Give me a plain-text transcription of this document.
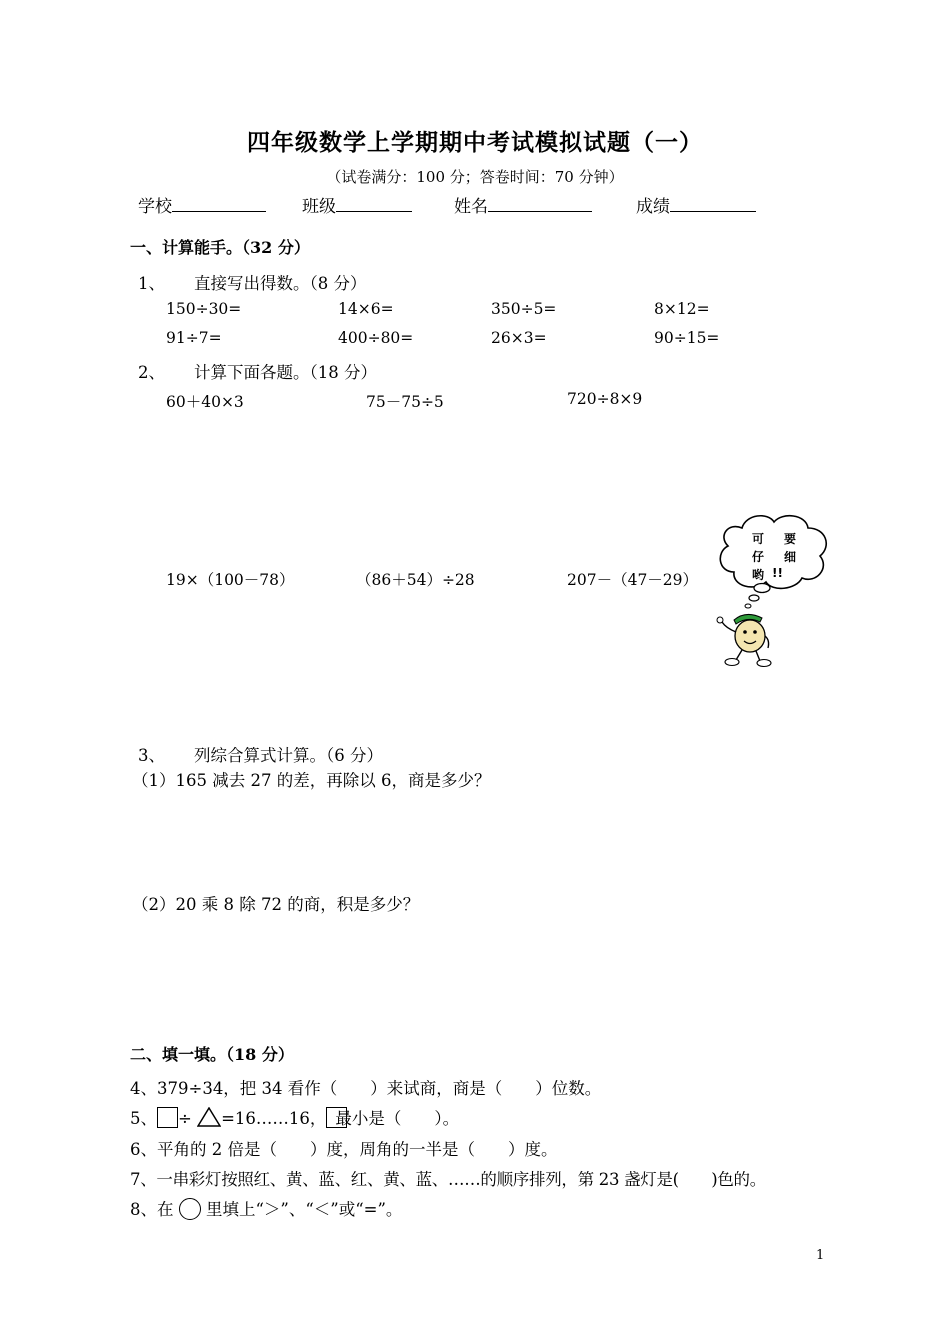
四年级数学上学期期中考试模拟试题（一）
（试卷满分：100 分；答卷时间：70 分钟）
学校	班级	姓名	成绩
一、计算能手。（32 分）
1、 直接写出得数。（8 分）
150÷30=	14×6=	350÷5=	8×12=
91÷7=	400÷80=	26×3=	90÷15=
2、 计算下面各题。（18 分）
60＋40×3	75－75÷5	720÷8×9
19×（100－78）	（86＋54）÷28	207－（47－29）
可 要
仔 细
哟 !!
3、 列综合算式计算。（6 分）
（1）165 减去 27 的差，再除以 6，商是多少？
（2）20 乘 8 除 72 的商，积是多少？
二、填一填。（18 分）
4、379÷34，把 34 看作（　　）来试商，商是（　　）位数。
5、 ÷ =16……16， 最小是（　　）。
6、平角的 2 倍是（　　）度，周角的一半是（　　）度。
7、一串彩灯按照红、黄、蓝、红、黄、蓝、……的顺序排列，第 23 盏灯是(　　)色的。
8、在 里填上“＞”、“＜”或“=”。
1
